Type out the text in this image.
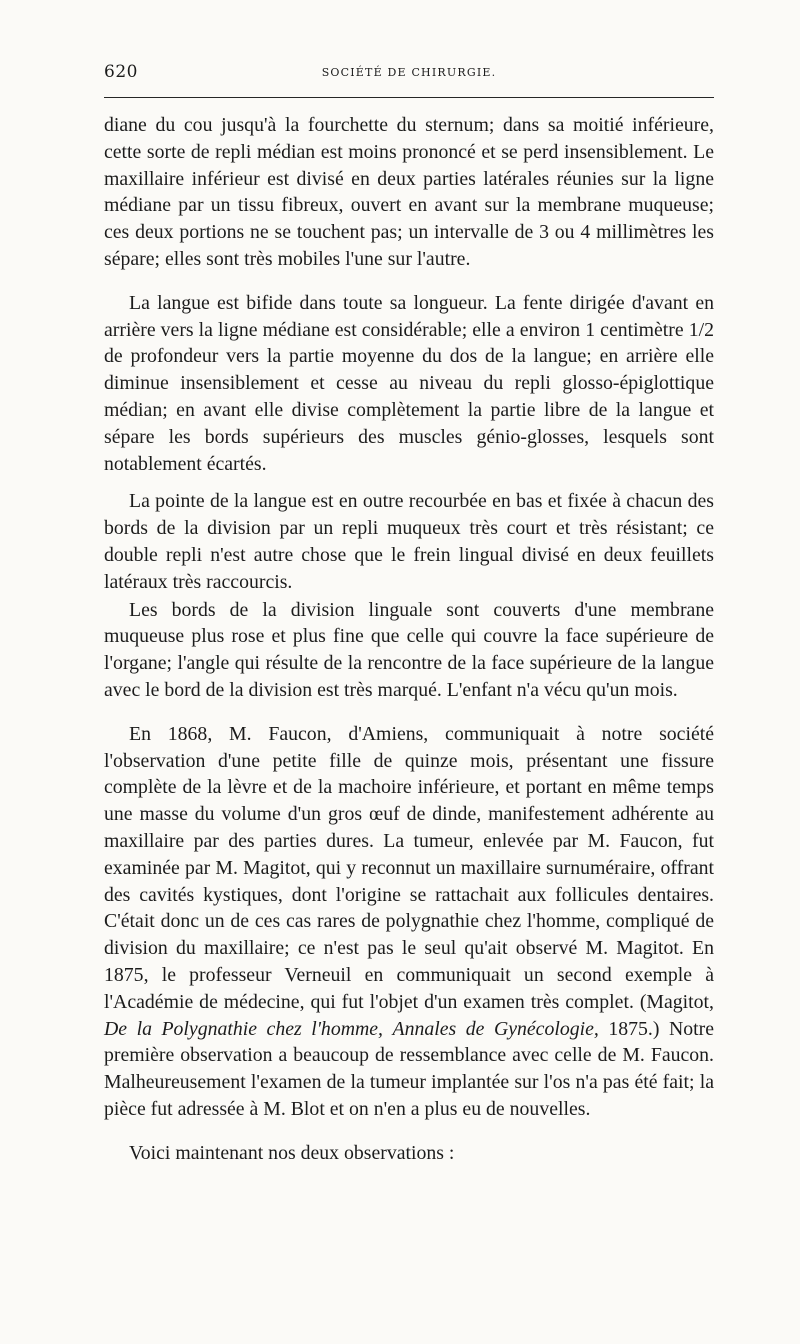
620	SOCIÉTÉ DE CHIRURGIE.

diane du cou jusqu'à la fourchette du sternum; dans sa moitié inférieure, cette sorte de repli médian est moins prononcé et se perd insensiblement. Le maxillaire inférieur est divisé en deux parties latérales réunies sur la ligne médiane par un tissu fibreux, ouvert en avant sur la membrane muqueuse; ces deux portions ne se touchent pas; un intervalle de 3 ou 4 millimètres les sépare; elles sont très mobiles l'une sur l'autre.

La langue est bifide dans toute sa longueur. La fente dirigée d'avant en arrière vers la ligne médiane est considérable; elle a environ 1 centimètre 1/2 de profondeur vers la partie moyenne du dos de la langue; en arrière elle diminue insensiblement et cesse au niveau du repli glosso-épiglottique médian; en avant elle divise complètement la partie libre de la langue et sépare les bords supérieurs des muscles génio-glosses, lesquels sont notablement écartés.

La pointe de la langue est en outre recourbée en bas et fixée à chacun des bords de la division par un repli muqueux très court et très résistant; ce double repli n'est autre chose que le frein lingual divisé en deux feuillets latéraux très raccourcis.

Les bords de la division linguale sont couverts d'une membrane muqueuse plus rose et plus fine que celle qui couvre la face supérieure de l'organe; l'angle qui résulte de la rencontre de la face supérieure de la langue avec le bord de la division est très marqué. L'enfant n'a vécu qu'un mois.

En 1868, M. Faucon, d'Amiens, communiquait à notre société l'observation d'une petite fille de quinze mois, présentant une fissure complète de la lèvre et de la machoire inférieure, et portant en même temps une masse du volume d'un gros œuf de dinde, manifestement adhérente au maxillaire par des parties dures. La tumeur, enlevée par M. Faucon, fut examinée par M. Magitot, qui y reconnut un maxillaire surnuméraire, offrant des cavités kystiques, dont l'origine se rattachait aux follicules dentaires. C'était donc un de ces cas rares de polygnathie chez l'homme, compliqué de division du maxillaire; ce n'est pas le seul qu'ait observé M. Magitot. En 1875, le professeur Verneuil en communiquait un second exemple à l'Académie de médecine, qui fut l'objet d'un examen très complet. (Magitot, De la Polygnathie chez l'homme, Annales de Gynécologie, 1875.) Notre première observation a beaucoup de ressemblance avec celle de M. Faucon. Malheureusement l'examen de la tumeur implantée sur l'os n'a pas été fait; la pièce fut adressée à M. Blot et on n'en a plus eu de nouvelles.

Voici maintenant nos deux observations :
